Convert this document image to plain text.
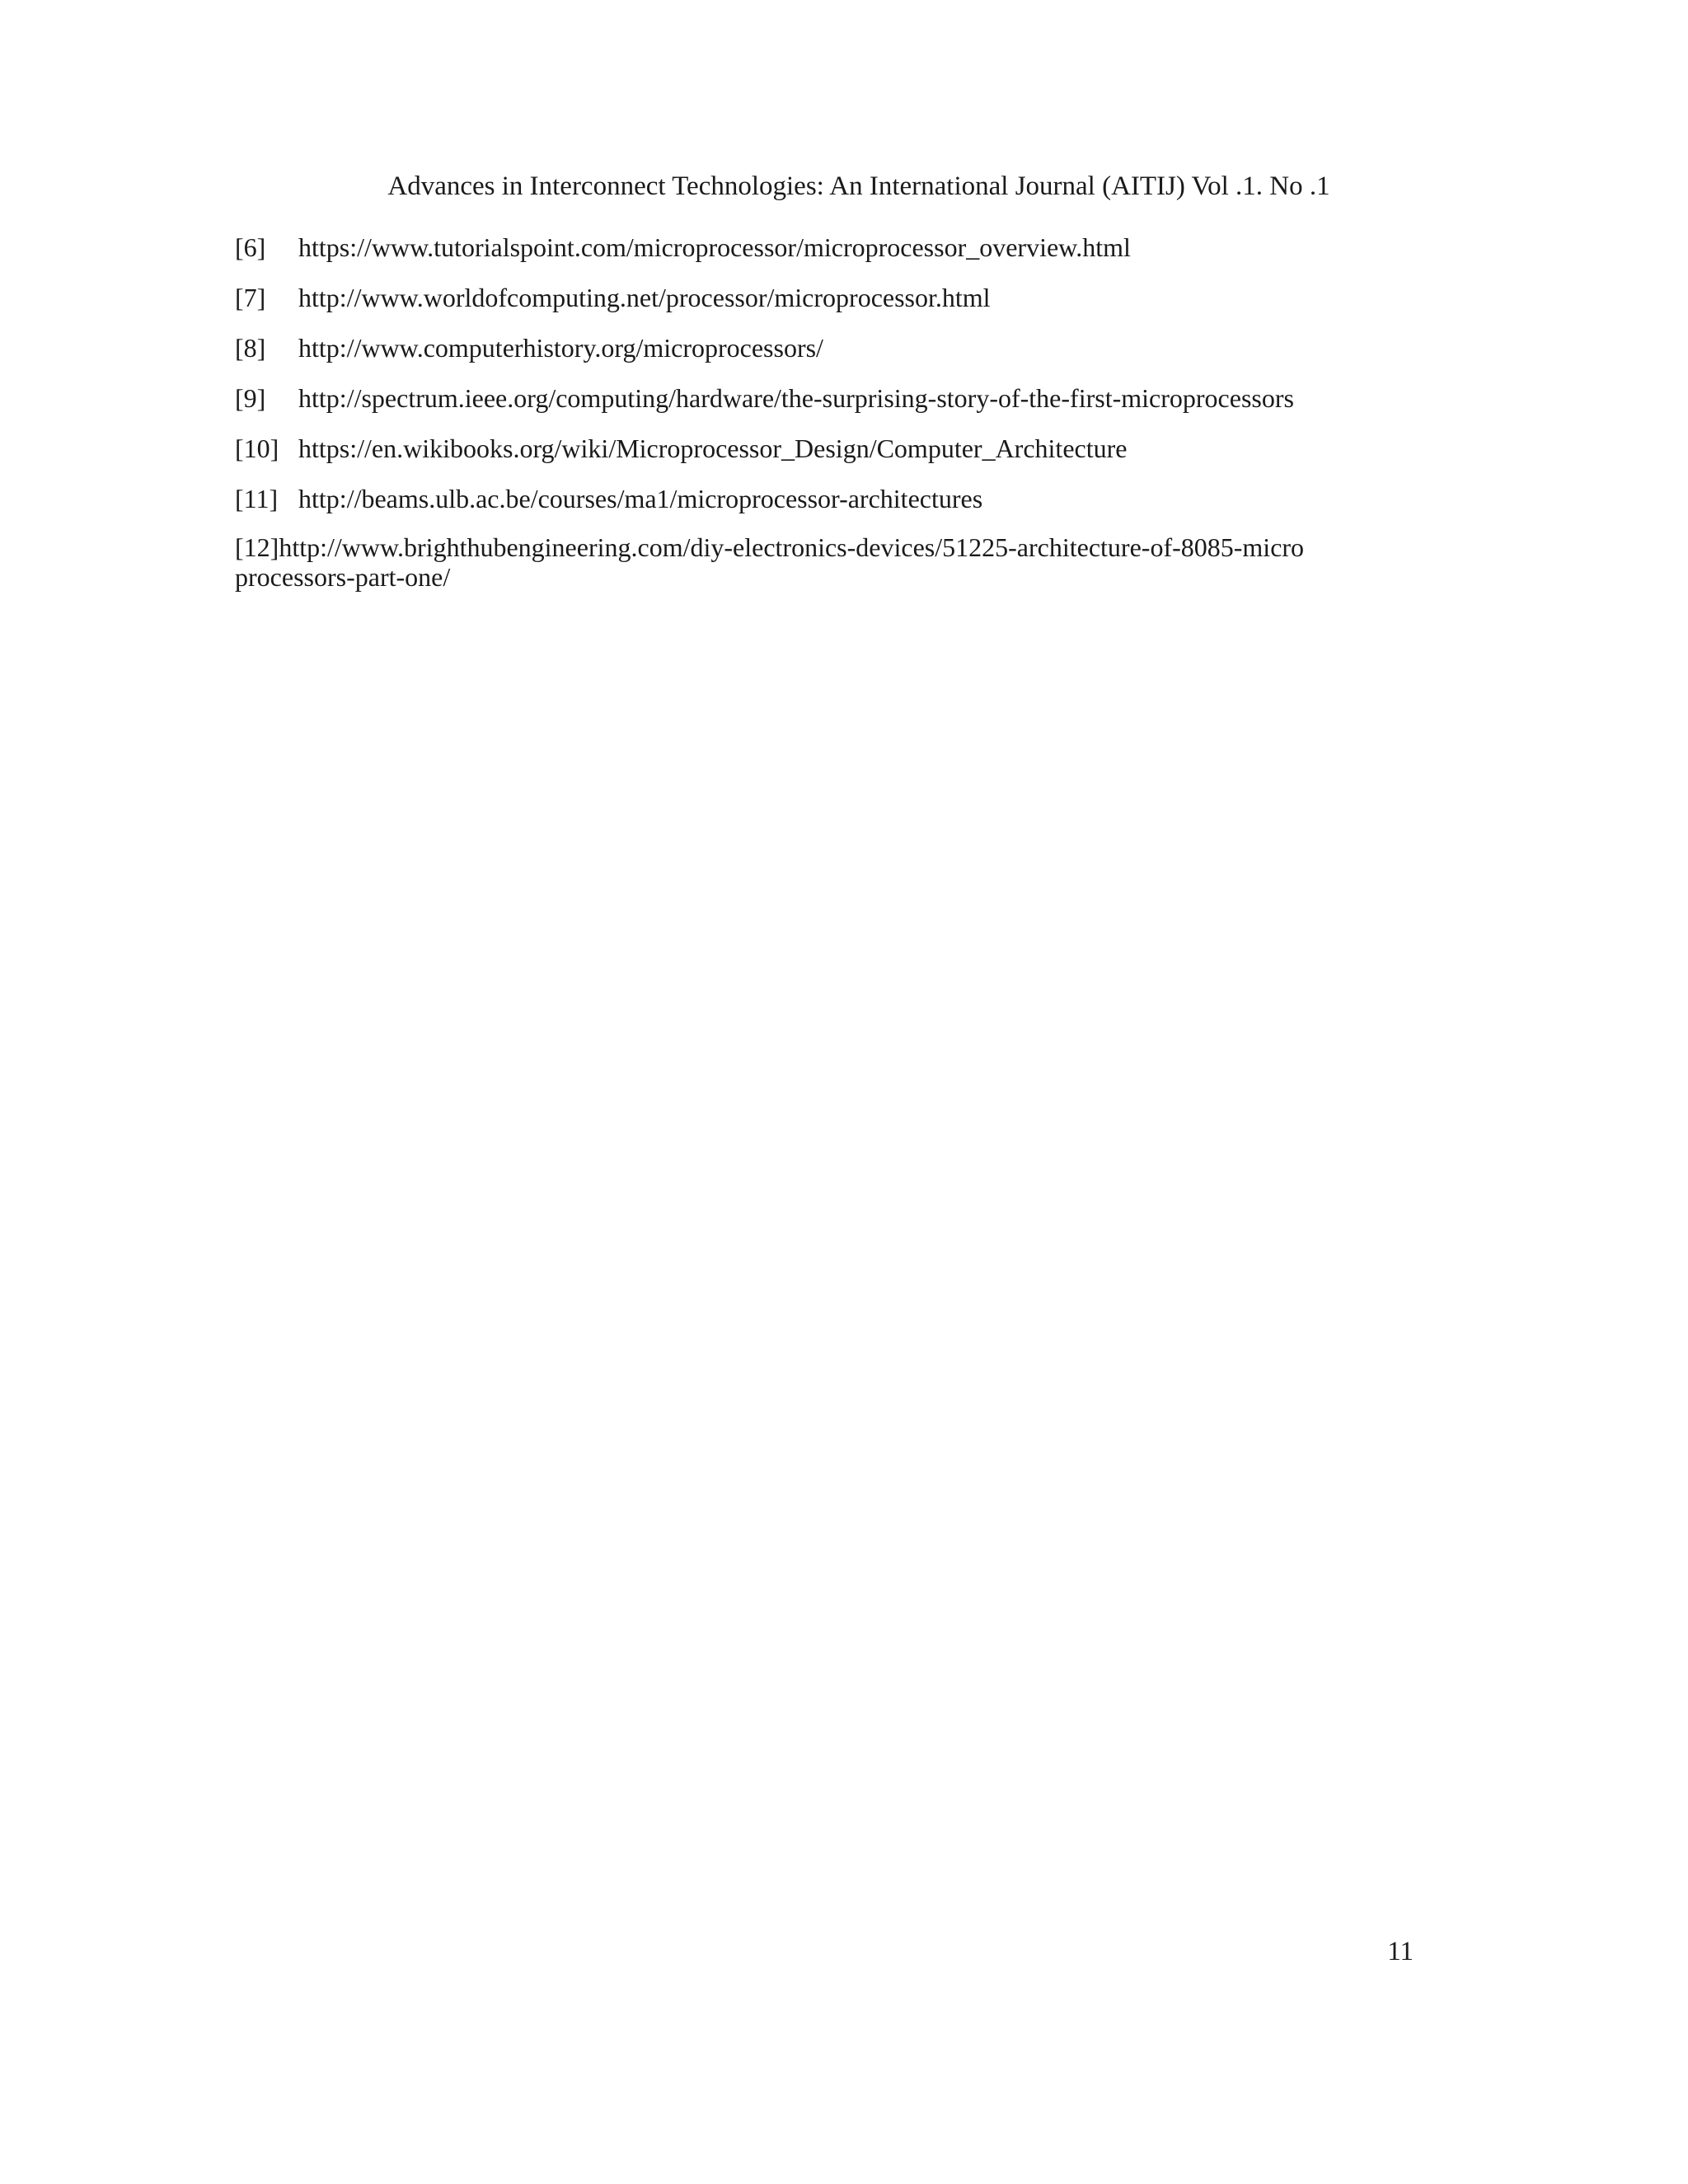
Advances in Interconnect Technologies: An International Journal (AITIJ) Vol .1. No .1
[6] https://www.tutorialspoint.com/microprocessor/microprocessor_overview.html
[7] http://www.worldofcomputing.net/processor/microprocessor.html
[8] http://www.computerhistory.org/microprocessors/
[9] http://spectrum.ieee.org/computing/hardware/the-surprising-story-of-the-first-microprocessors
[10] https://en.wikibooks.org/wiki/Microprocessor_Design/Computer_Architecture
[11] http://beams.ulb.ac.be/courses/ma1/microprocessor-architectures
[12]http://www.brighthubengineering.com/diy-electronics-devices/51225-architecture-of-8085-microprocessors-part-one/
11
